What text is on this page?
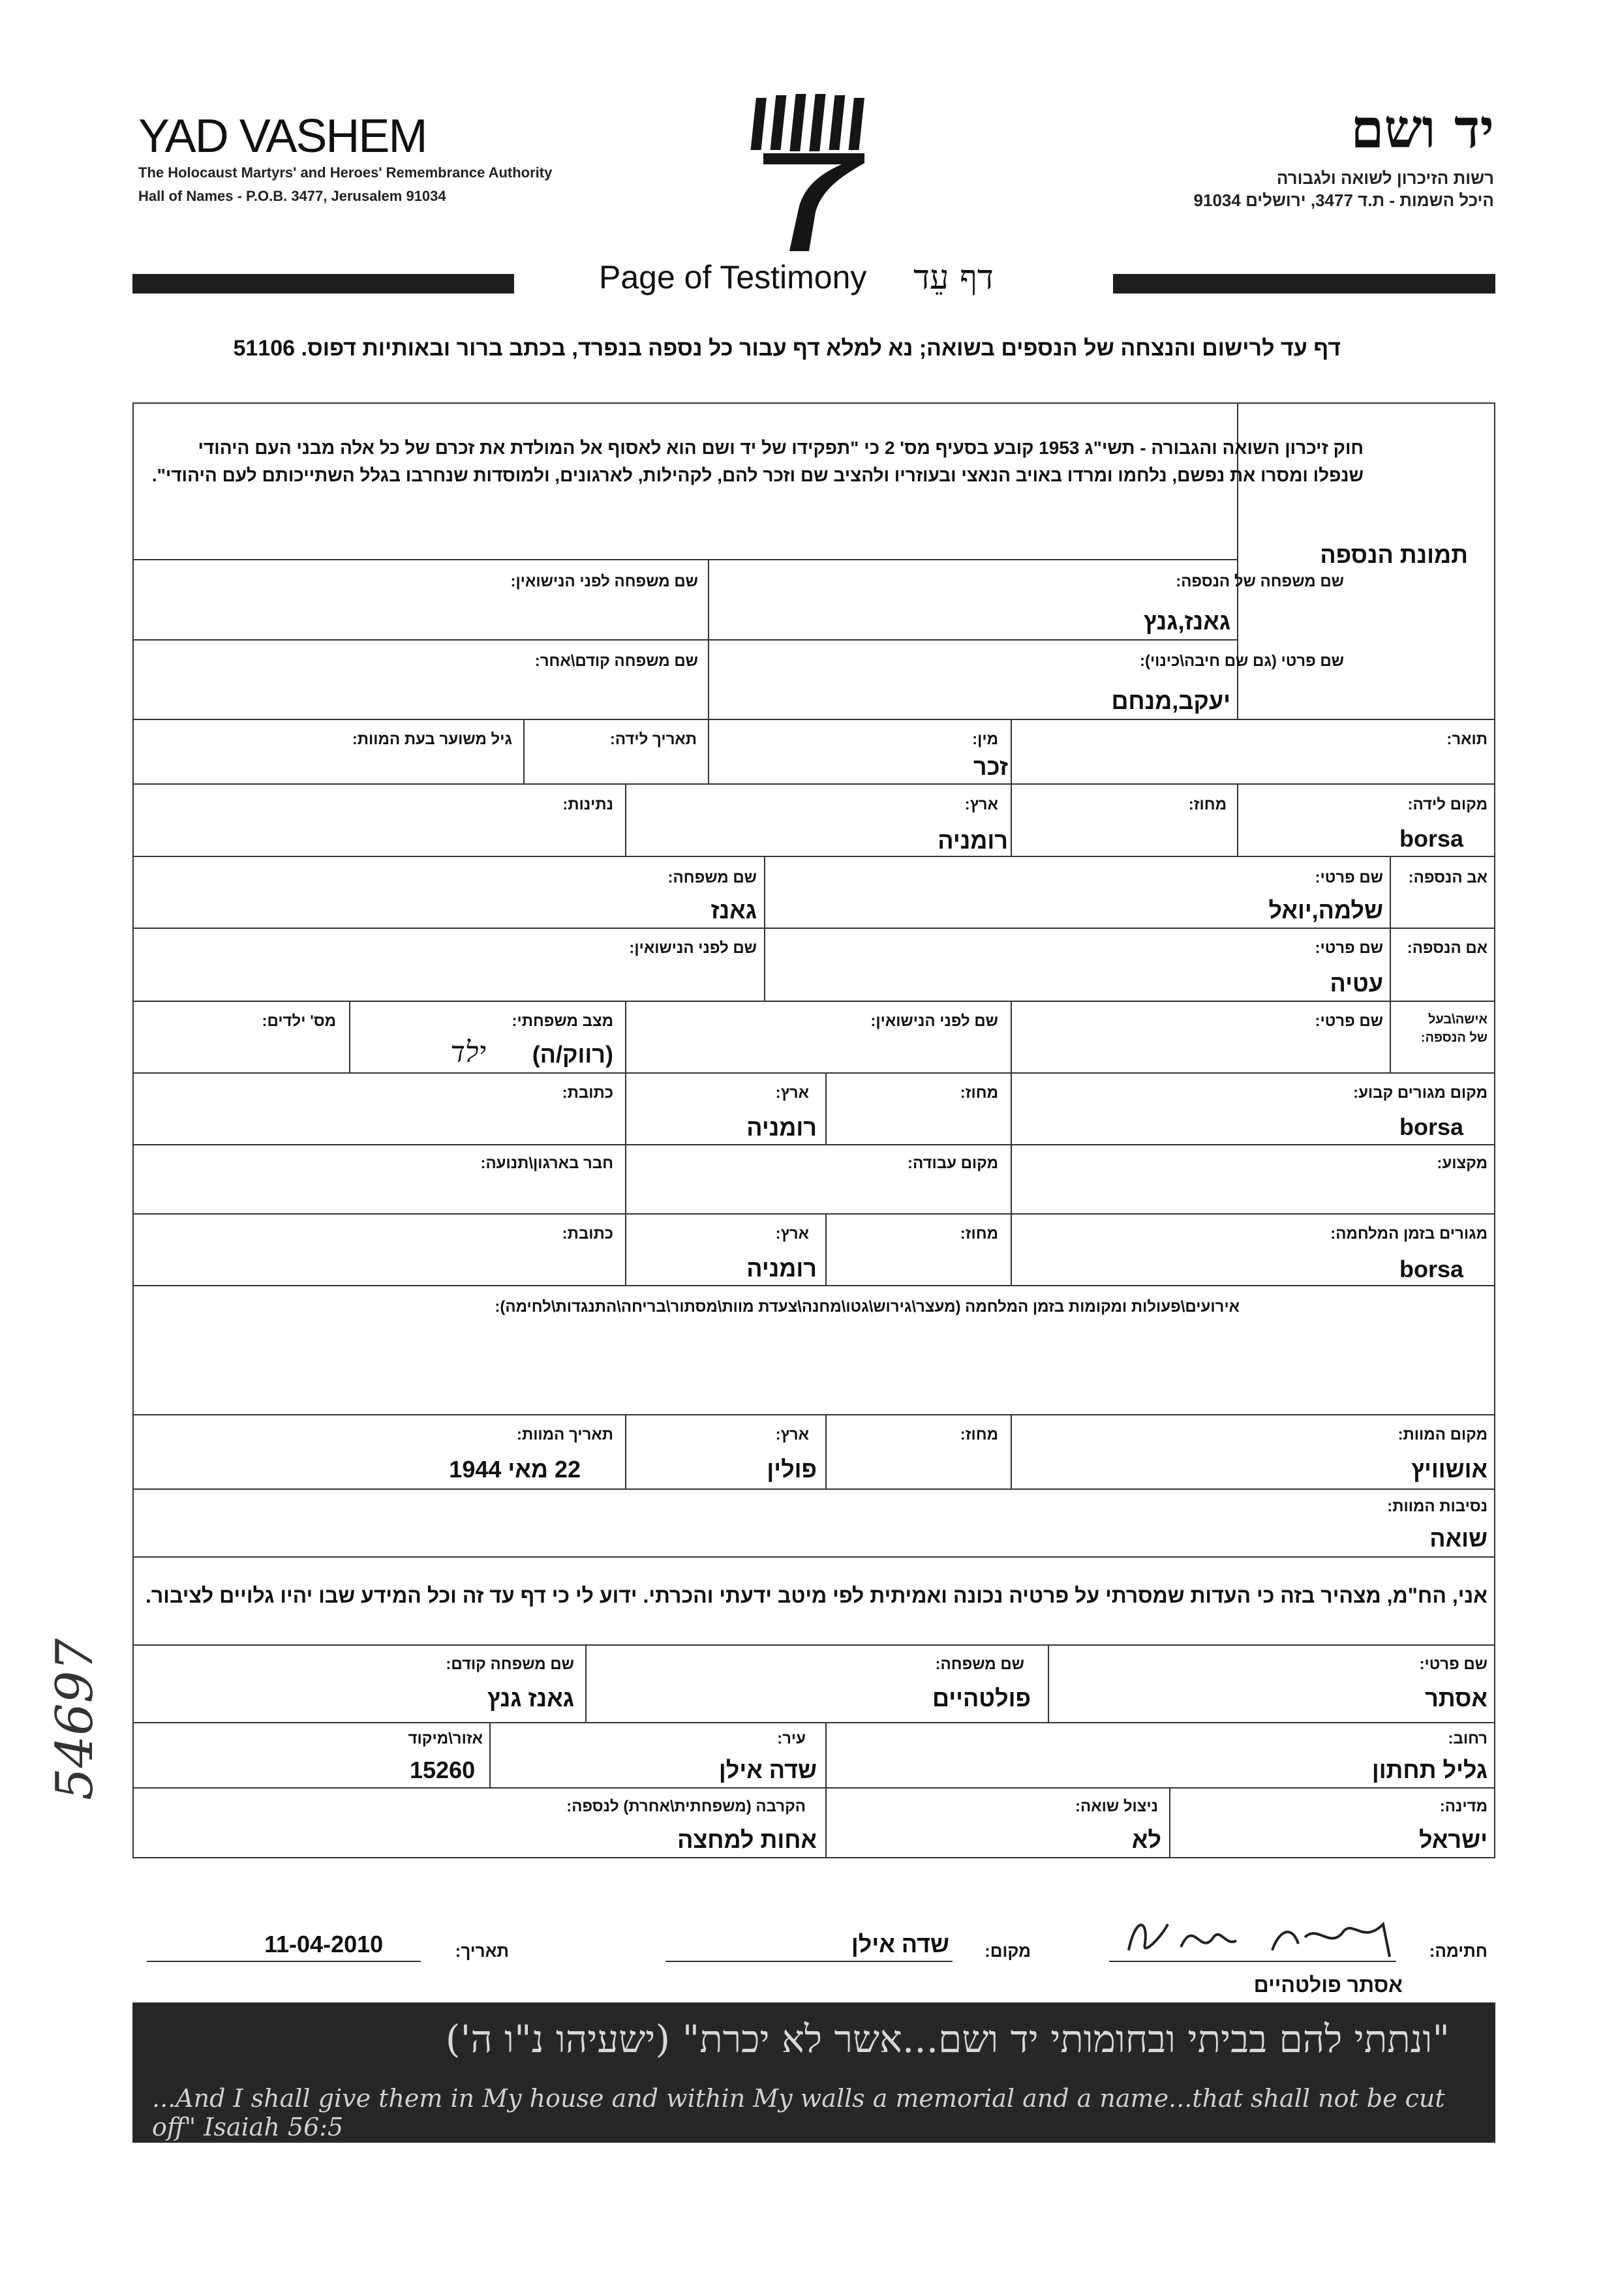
YAD VASHEM
The Holocaust Martyrs' and Heroes' Remembrance Authority
Hall of Names - P.O.B. 3477, Jerusalem 91034
יד ושם
רשות הזיכרון לשואה ולגבורה
היכל השמות - ת.ד 3477, ירושלים 91034
Page of Testimony דף עֵד
דף עד לרישום והנצחה של הנספים בשואה; נא למלא דף עבור כל נספה בנפרד, בכתב ברור ובאותיות דפוס. 51106
חוק זיכרון השואה והגבורה - תשי"ג 1953 קובע בסעיף מס' 2 כי "תפקידו של יד ושם הוא לאסוף אל המולדת את זכרם של כל אלה מבני העם היהודי שנפלו ומסרו את נפשם, נלחמו ומרדו באויב הנאצי ובעוזריו ולהציב שם וזכר להם, לקהילות, לארגונים, ולמוסדות שנחרבו בגלל השתייכותם לעם היהודי".
תמונת הנספה
שם משפחה של הנספה:
גאנז,גנץ
שם משפחה לפני הנישואין:
שם פרטי (גם שם חיבה\כינוי):
יעקב,מנחם
שם משפחה קודם\אחר:
תואר:
מין:
זכר
תאריך לידה:
גיל משוער בעת המוות:
מקום לידה:
borsa
מחוז:
ארץ:
רומניה
נתינות:
אב הנספה:
שם פרטי:
שלמה,יואל
שם משפחה:
גאנז
אם הנספה:
שם פרטי:
עטיה
שם לפני הנישואין:
אישה\בעל
של הנספה:
שם פרטי:
שם לפני הנישואין:
מצב משפחתי:
(רווק/ה)
ילד
מס' ילדים:
מקום מגורים קבוע:
borsa
מחוז:
ארץ:
רומניה
כתובת:
מקצוע:
מקום עבודה:
חבר בארגון\תנועה:
מגורים בזמן המלחמה:
borsa
מחוז:
ארץ:
רומניה
כתובת:
אירועים\פעולות ומקומות בזמן המלחמה (מעצר\גירוש\גטו\מחנה\צעדת מוות\מסתור\בריחה\התנגדות\לחימה):
מקום המוות:
אושוויץ
מחוז:
ארץ:
פולין
תאריך המוות:
22 מאי 1944
נסיבות המוות:
שואה
אני, הח"מ, מצהיר בזה כי העדות שמסרתי על פרטיה נכונה ואמיתית לפי מיטב ידעתי והכרתי. ידוע לי כי דף עד זה וכל המידע שבו יהיו גלויים לציבור.
שם פרטי:
אסתר
שם משפחה:
פולטהיים
שם משפחה קודם:
גאנז גנץ
רחוב:
גליל תחתון
עיר:
שדה אילן
אזור\מיקוד
15260
מדינה:
ישראל
ניצול שואה:
לא
הקרבה (משפחתית\אחרת) לנספה:
אחות למחצה
חתימה:
אסתר פולטהיים
מקום:
שדה אילן
תאריך:
11-04-2010
"ונתתי להם בביתי ובחומותי יד ושם...אשר לא יכרת" (ישעיהו נ"ו ה')
...And I shall give them in My house and within My walls a memorial and a name...that shall not be cut off" Isaiah 56:5
54697
